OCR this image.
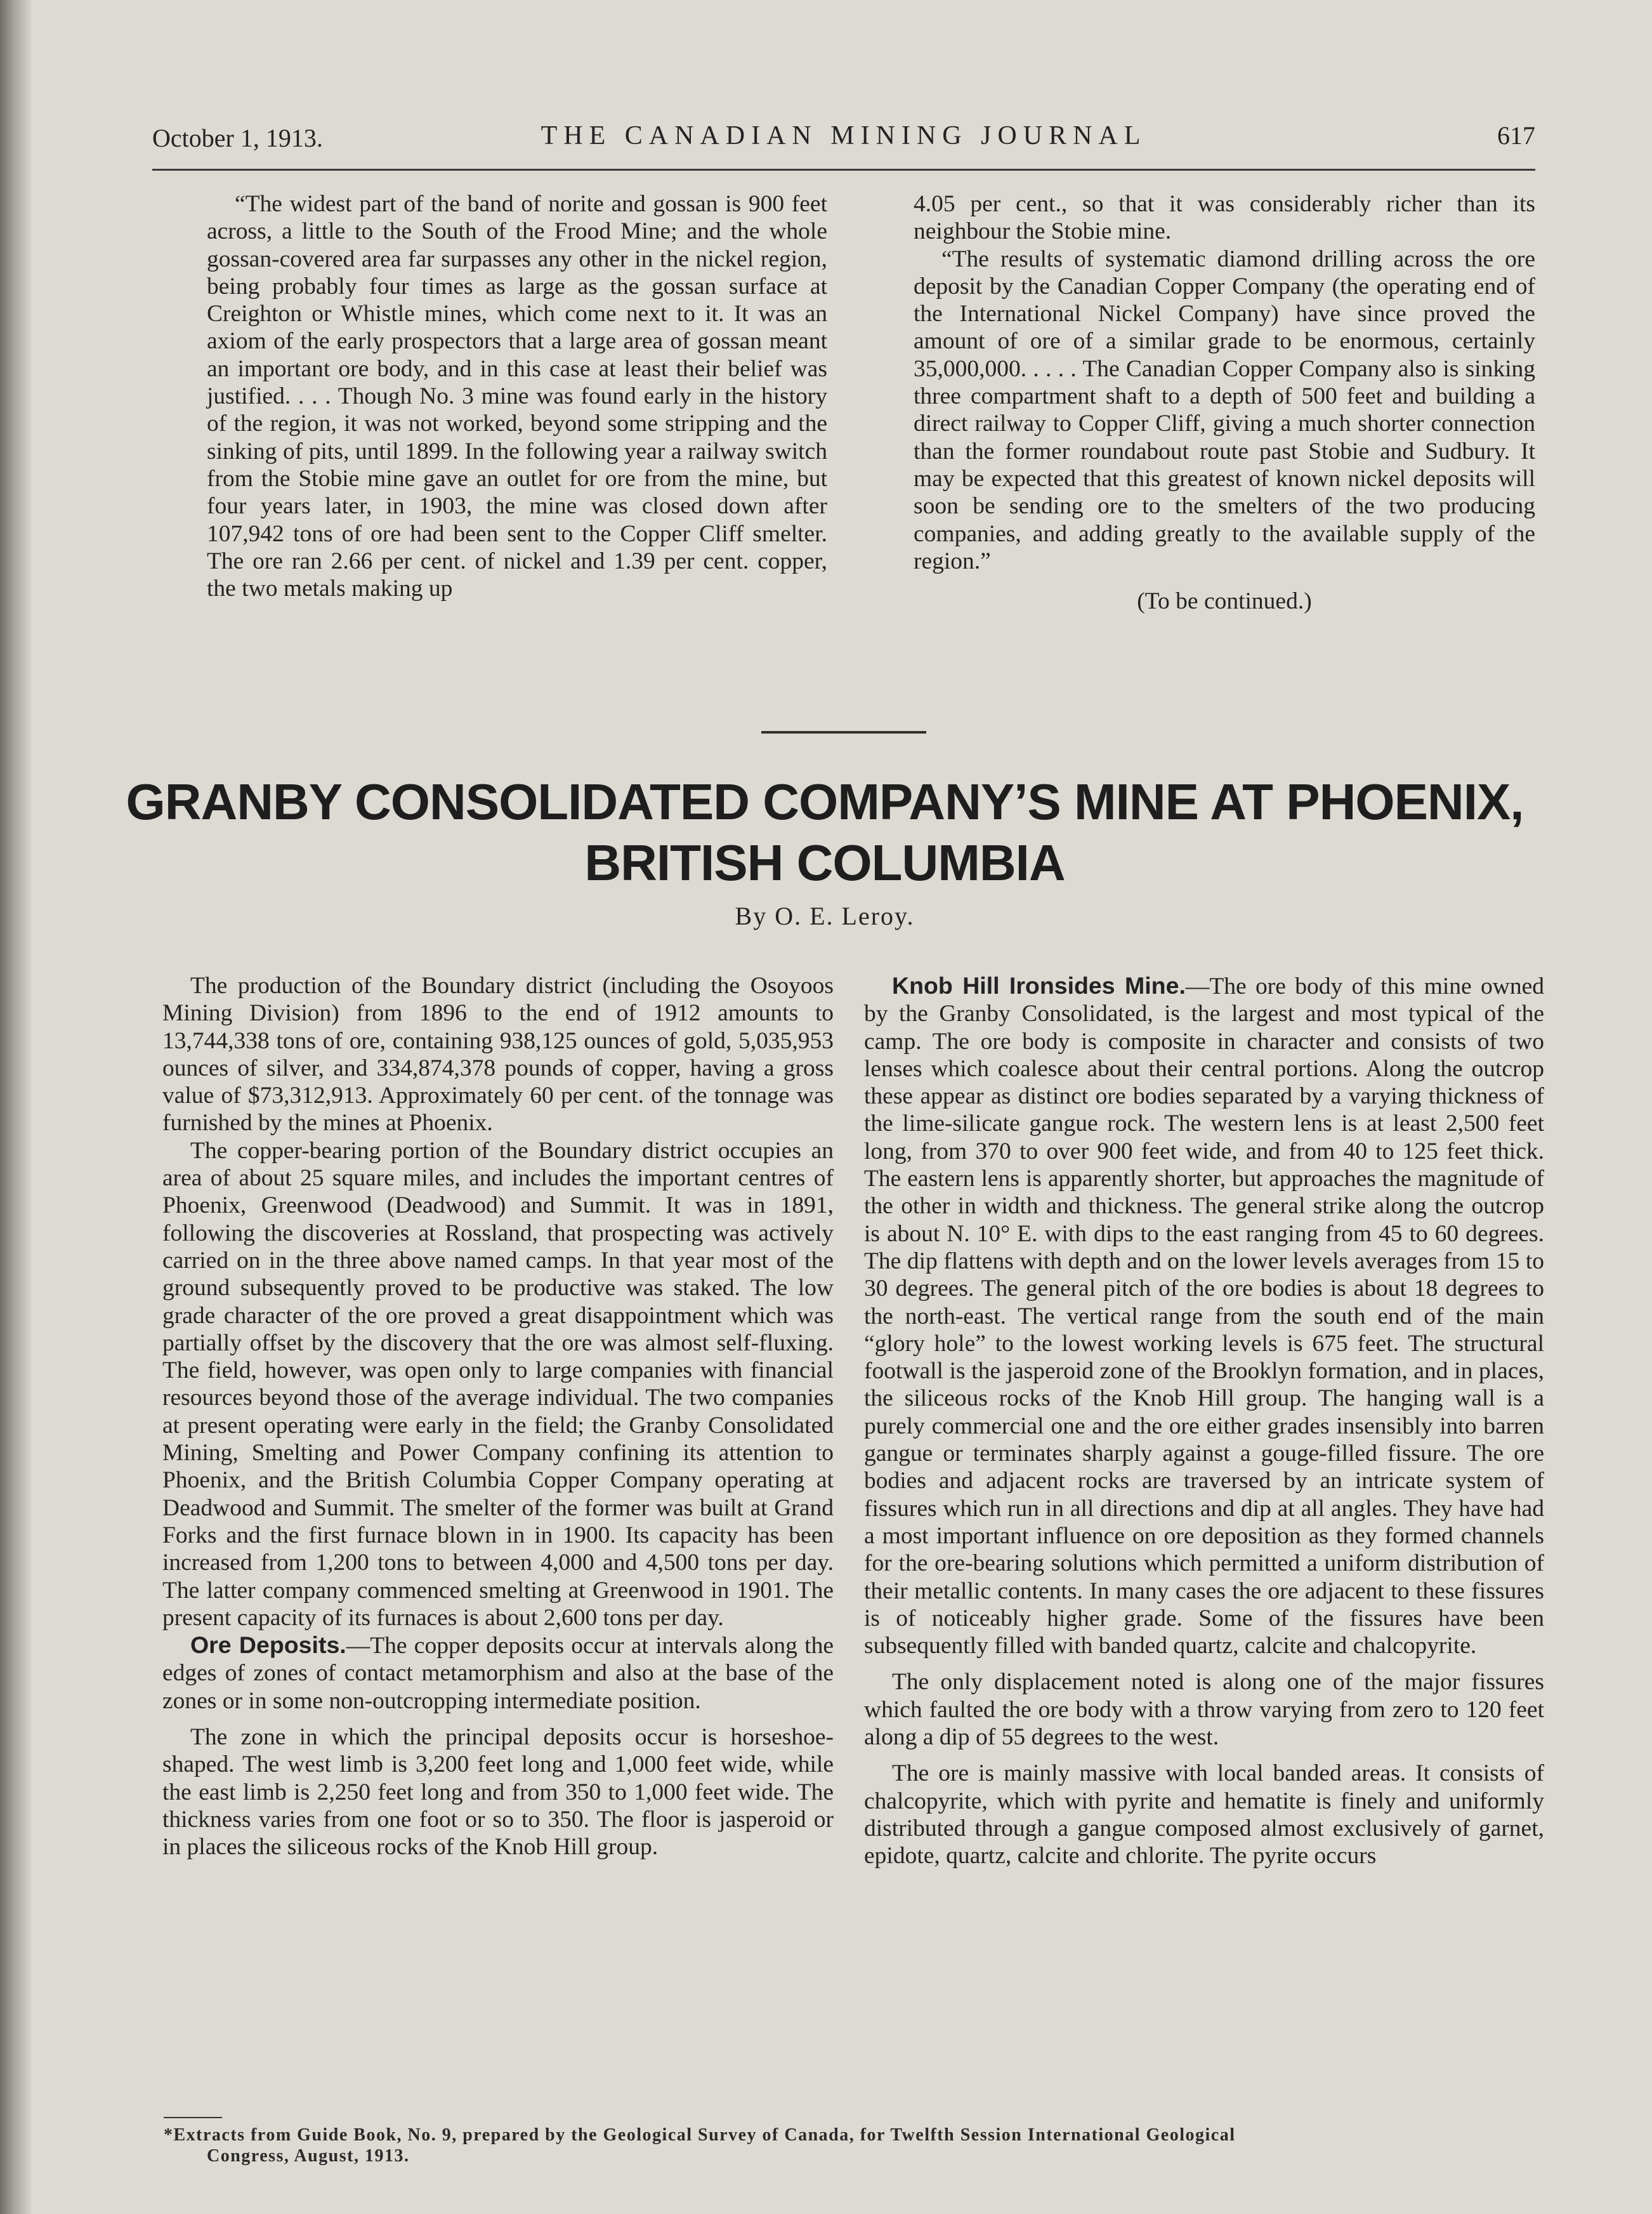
October 1, 1913.	THE CANADIAN MINING JOURNAL	617

“The widest part of the band of norite and gossan is 900 feet across, a little to the South of the Frood Mine; and the whole gossan-covered area far surpasses any other in the nickel region, being probably four times as large as the gossan surface at Creighton or Whistle mines, which come next to it. It was an axiom of the early prospectors that a large area of gossan meant an important ore body, and in this case at least their belief was justified. . . . Though No. 3 mine was found early in the history of the region, it was not worked, beyond some stripping and the sinking of pits, until 1899. In the following year a railway switch from the Stobie mine gave an outlet for ore from the mine, but four years later, in 1903, the mine was closed down after 107,942 tons of ore had been sent to the Copper Cliff smelter. The ore ran 2.66 per cent. of nickel and 1.39 per cent. copper, the two metals making up

4.05 per cent., so that it was considerably richer than its neighbour the Stobie mine.

“The results of systematic diamond drilling across the ore deposit by the Canadian Copper Company (the operating end of the International Nickel Company) have since proved the amount of ore of a similar grade to be enormous, certainly 35,000,000. . . . . The Canadian Copper Company also is sinking three compartment shaft to a depth of 500 feet and building a direct railway to Copper Cliff, giving a much shorter connection than the former roundabout route past Stobie and Sudbury. It may be expected that this greatest of known nickel deposits will soon be sending ore to the smelters of the two producing companies, and adding greatly to the available supply of the region.”

(To be continued.)

GRANBY CONSOLIDATED COMPANY’S MINE AT PHOENIX,
BRITISH COLUMBIA
By O. E. Leroy.

The production of the Boundary district (including the Osoyoos Mining Division) from 1896 to the end of 1912 amounts to 13,744,338 tons of ore, containing 938,125 ounces of gold, 5,035,953 ounces of silver, and 334,874,378 pounds of copper, having a gross value of $73,312,913. Approximately 60 per cent. of the tonnage was furnished by the mines at Phoenix.

The copper-bearing portion of the Boundary district occupies an area of about 25 square miles, and includes the important centres of Phoenix, Greenwood (Deadwood) and Summit. It was in 1891, following the discoveries at Rossland, that prospecting was actively carried on in the three above named camps. In that year most of the ground subsequently proved to be productive was staked. The low grade character of the ore proved a great disappointment which was partially offset by the discovery that the ore was almost self-fluxing. The field, however, was open only to large companies with financial resources beyond those of the average individual. The two companies at present operating were early in the field; the Granby Consolidated Mining, Smelting and Power Company confining its attention to Phoenix, and the British Columbia Copper Company operating at Deadwood and Summit. The smelter of the former was built at Grand Forks and the first furnace blown in in 1900. Its capacity has been increased from 1,200 tons to between 4,000 and 4,500 tons per day. The latter company commenced smelting at Greenwood in 1901. The present capacity of its furnaces is about 2,600 tons per day.

Ore Deposits.—The copper deposits occur at intervals along the edges of zones of contact metamorphism and also at the base of the zones or in some non-outcropping intermediate position.

The zone in which the principal deposits occur is horseshoe-shaped. The west limb is 3,200 feet long and 1,000 feet wide, while the east limb is 2,250 feet long and from 350 to 1,000 feet wide. The thickness varies from one foot or so to 350. The floor is jasperoid or in places the siliceous rocks of the Knob Hill group.

Knob Hill Ironsides Mine.—The ore body of this mine owned by the Granby Consolidated, is the largest and most typical of the camp. The ore body is composite in character and consists of two lenses which coalesce about their central portions. Along the outcrop these appear as distinct ore bodies separated by a varying thickness of the lime-silicate gangue rock. The western lens is at least 2,500 feet long, from 370 to over 900 feet wide, and from 40 to 125 feet thick. The eastern lens is apparently shorter, but approaches the magnitude of the other in width and thickness. The general strike along the outcrop is about N. 10° E. with dips to the east ranging from 45 to 60 degrees. The dip flattens with depth and on the lower levels averages from 15 to 30 degrees. The general pitch of the ore bodies is about 18 degrees to the north-east. The vertical range from the south end of the main “glory hole” to the lowest working levels is 675 feet. The structural footwall is the jasperoid zone of the Brooklyn formation, and in places, the siliceous rocks of the Knob Hill group. The hanging wall is a purely commercial one and the ore either grades insensibly into barren gangue or terminates sharply against a gouge-filled fissure. The ore bodies and adjacent rocks are traversed by an intricate system of fissures which run in all directions and dip at all angles. They have had a most important influence on ore deposition as they formed channels for the ore-bearing solutions which permitted a uniform distribution of their metallic contents. In many cases the ore adjacent to these fissures is of noticeably higher grade. Some of the fissures have been subsequently filled with banded quartz, calcite and chalcopyrite.

The only displacement noted is along one of the major fissures which faulted the ore body with a throw varying from zero to 120 feet along a dip of 55 degrees to the west.

The ore is mainly massive with local banded areas. It consists of chalcopyrite, which with pyrite and hematite is finely and uniformly distributed through a gangue composed almost exclusively of garnet, epidote, quartz, calcite and chlorite. The pyrite occurs

*Extracts from Guide Book, No. 9, prepared by the Geological Survey of Canada, for Twelfth Session International Geological
Congress, August, 1913.
